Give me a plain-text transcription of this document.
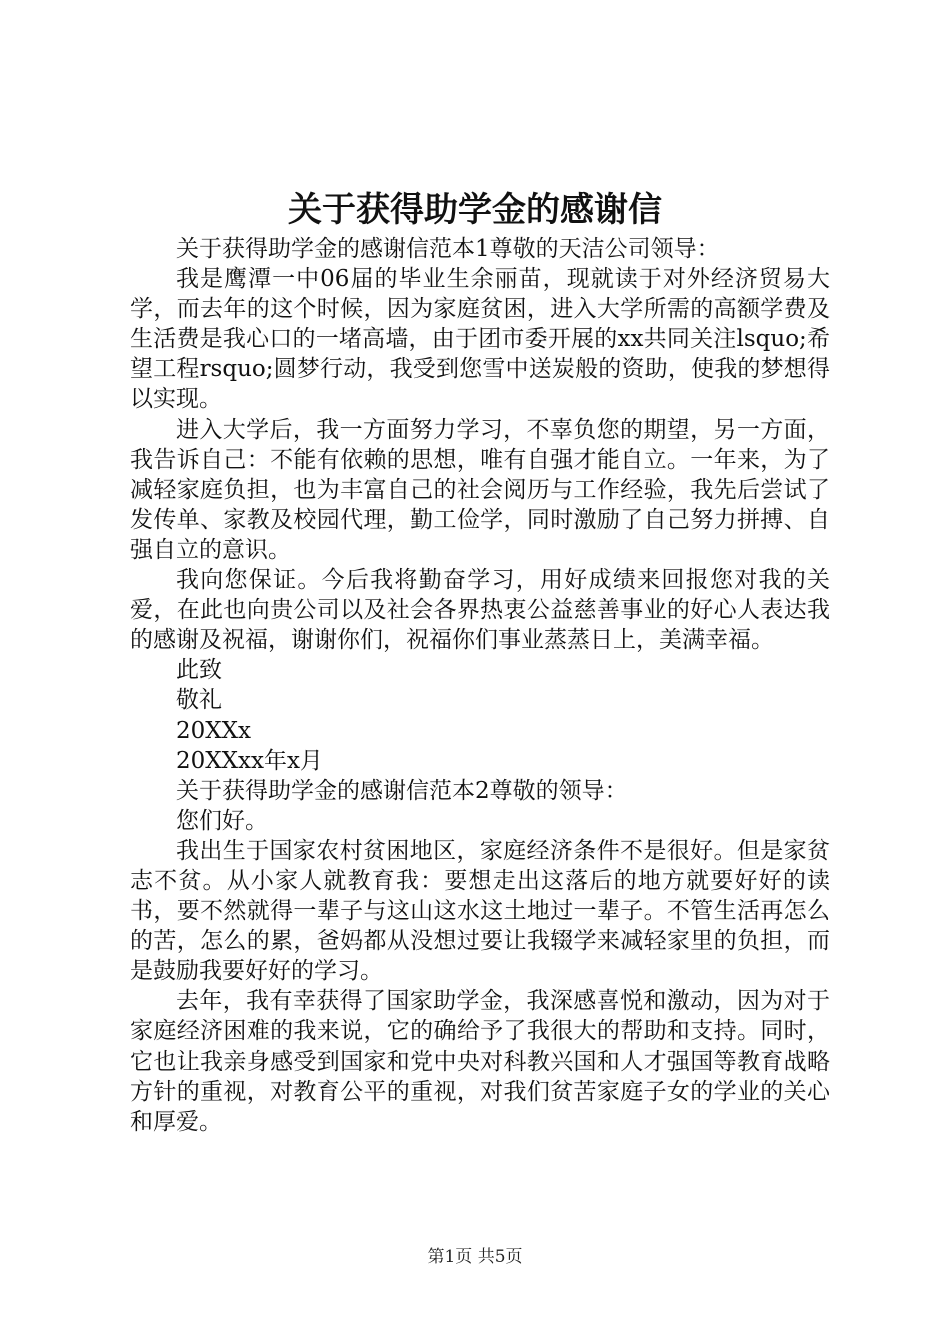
关于获得助学金的感谢信

关于获得助学金的感谢信范本1尊敬的天洁公司领导：

我是鹰潭一中06届的毕业生余丽苗，现就读于对外经济贸易大学，而去年的这个时候，因为家庭贫困，进入大学所需的高额学费及生活费是我心口的一堵高墙，由于团市委开展的xx共同关注lsquo;希望工程rsquo;圆梦行动，我受到您雪中送炭般的资助，使我的梦想得以实现。

进入大学后，我一方面努力学习，不辜负您的期望，另一方面，我告诉自己：不能有依赖的思想，唯有自强才能自立。一年来，为了减轻家庭负担，也为丰富自己的社会阅历与工作经验，我先后尝试了发传单、家教及校园代理，勤工俭学，同时激励了自己努力拼搏、自强自立的意识。

我向您保证。今后我将勤奋学习，用好成绩来回报您对我的关爱，在此也向贵公司以及社会各界热衷公益慈善事业的好心人表达我的感谢及祝福，谢谢你们，祝福你们事业蒸蒸日上，美满幸福。

此致

敬礼

20XXx

20XXxx年x月

关于获得助学金的感谢信范本2尊敬的领导：

您们好。

我出生于国家农村贫困地区，家庭经济条件不是很好。但是家贫志不贫。从小家人就教育我：要想走出这落后的地方就要好好的读书，要不然就得一辈子与这山这水这土地过一辈子。不管生活再怎么的苦，怎么的累，爸妈都从没想过要让我辍学来减轻家里的负担，而是鼓励我要好好的学习。

去年，我有幸获得了国家助学金，我深感喜悦和激动，因为对于家庭经济困难的我来说，它的确给予了我很大的帮助和支持。同时，它也让我亲身感受到国家和党中央对科教兴国和人才强国等教育战略方针的重视，对教育公平的重视，对我们贫苦家庭子女的学业的关心和厚爱。

第1页 共5页
